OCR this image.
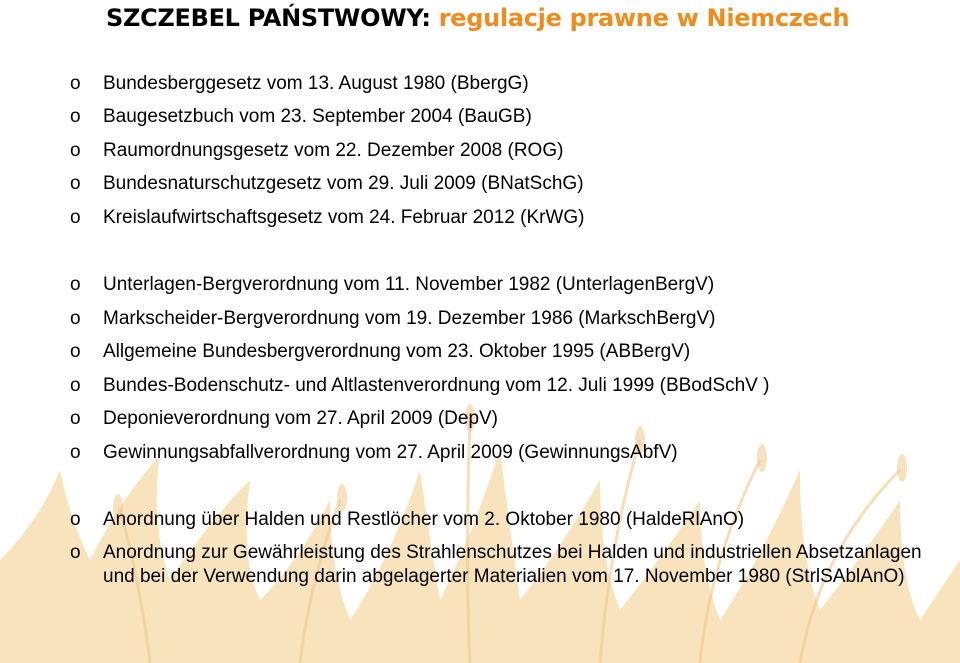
SZCZEBEL PAŃSTWOWY: regulacje prawne w Niemczech
o Bundesberggesetz vom 13. August 1980 (BbergG)
o Baugesetzbuch vom 23. September 2004 (BauGB)
o Raumordnungsgesetz vom 22. Dezember 2008 (ROG)
o Bundesnaturschutzgesetz vom 29. Juli 2009 (BNatSchG)
o Kreislaufwirtschaftsgesetz vom 24. Februar 2012 (KrWG)
o Unterlagen-Bergverordnung vom 11. November 1982 (UnterlagenBergV)
o Markscheider-Bergverordnung vom 19. Dezember 1986 (MarkschBergV)
o Allgemeine Bundesbergverordnung vom 23. Oktober 1995 (ABBergV)
o Bundes-Bodenschutz- und Altlastenverordnung vom 12. Juli 1999 (BBodSchV )
o Deponieverordnung vom 27. April 2009 (DepV)
o Gewinnungsabfallverordnung vom 27. April 2009 (GewinnungsAbfV)
o Anordnung über Halden und Restlöcher vom 2. Oktober 1980 (HaldeRlAnO)
o Anordnung zur Gewährleistung des Strahlenschutzes bei Halden und industriellen Absetzanlagen und bei der Verwendung darin abgelagerter Materialien vom 17. November 1980 (StrlSAblAnO)
